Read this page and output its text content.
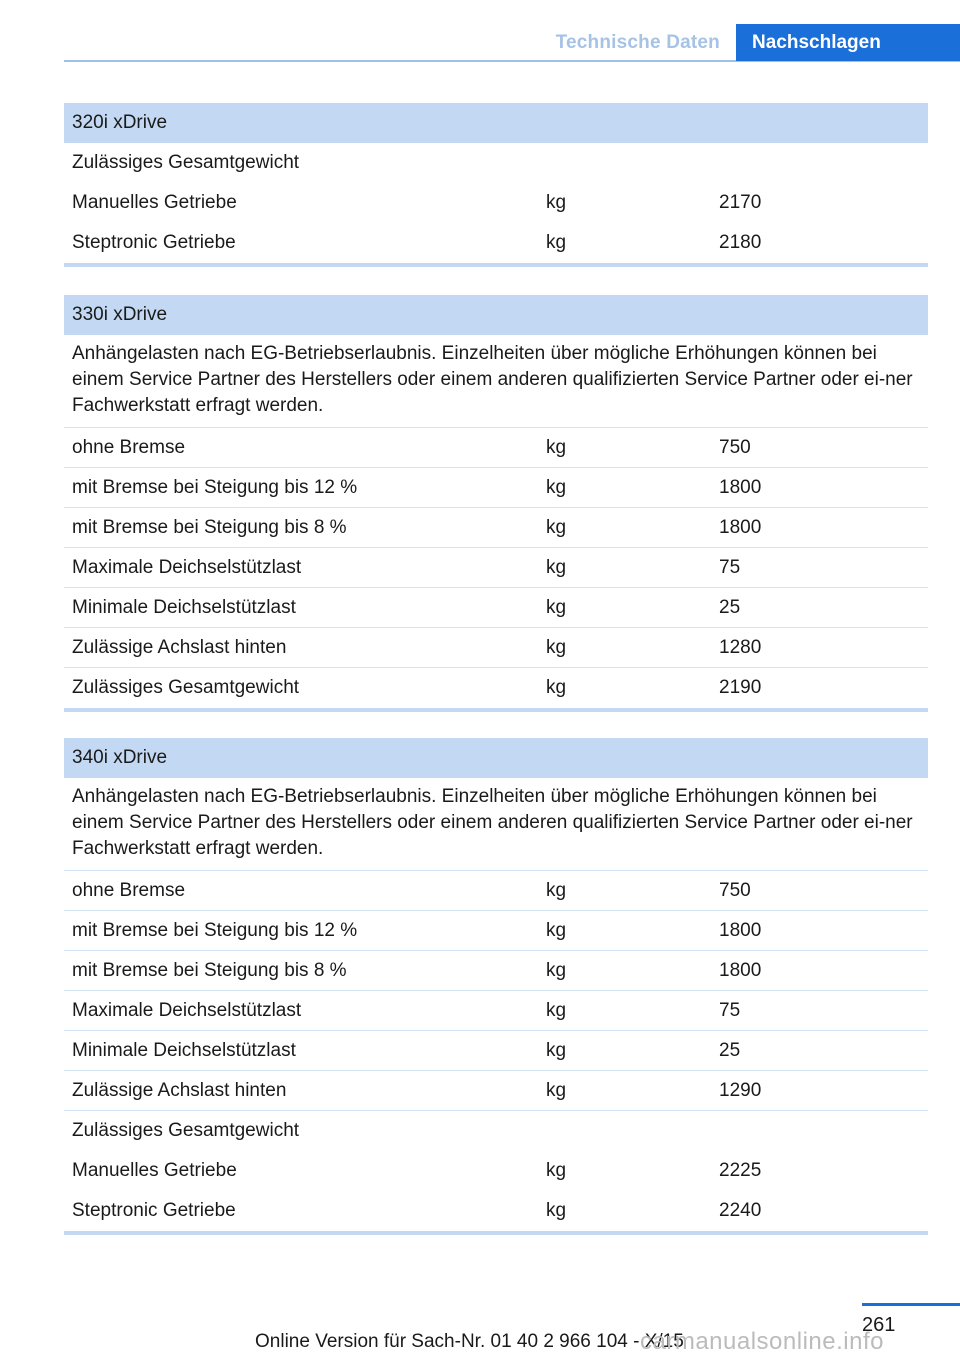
Technische Daten	Nachschlagen
320i xDrive
Zulässiges Gesamtgewicht
Manuelles Getriebe	kg	2170
Steptronic Getriebe	kg	2180
330i xDrive
Anhängelasten nach EG-Betriebserlaubnis. Einzelheiten über mögliche Erhöhungen können bei einem Service Partner des Herstellers oder einem anderen qualifizierten Service Partner oder ei-ner Fachwerkstatt erfragt werden.
ohne Bremse	kg	750
mit Bremse bei Steigung bis 12 %	kg	1800
mit Bremse bei Steigung bis 8 %	kg	1800
Maximale Deichselstützlast	kg	75
Minimale Deichselstützlast	kg	25
Zulässige Achslast hinten	kg	1280
Zulässiges Gesamtgewicht	kg	2190
340i xDrive
Anhängelasten nach EG-Betriebserlaubnis. Einzelheiten über mögliche Erhöhungen können bei einem Service Partner des Herstellers oder einem anderen qualifizierten Service Partner oder ei-ner Fachwerkstatt erfragt werden.
ohne Bremse	kg	750
mit Bremse bei Steigung bis 12 %	kg	1800
mit Bremse bei Steigung bis 8 %	kg	1800
Maximale Deichselstützlast	kg	75
Minimale Deichselstützlast	kg	25
Zulässige Achslast hinten	kg	1290
Zulässiges Gesamtgewicht
Manuelles Getriebe	kg	2225
Steptronic Getriebe	kg	2240
261
Online Version für Sach-Nr. 01 40 2 966 104 - X/15
carmanualsonline.info
